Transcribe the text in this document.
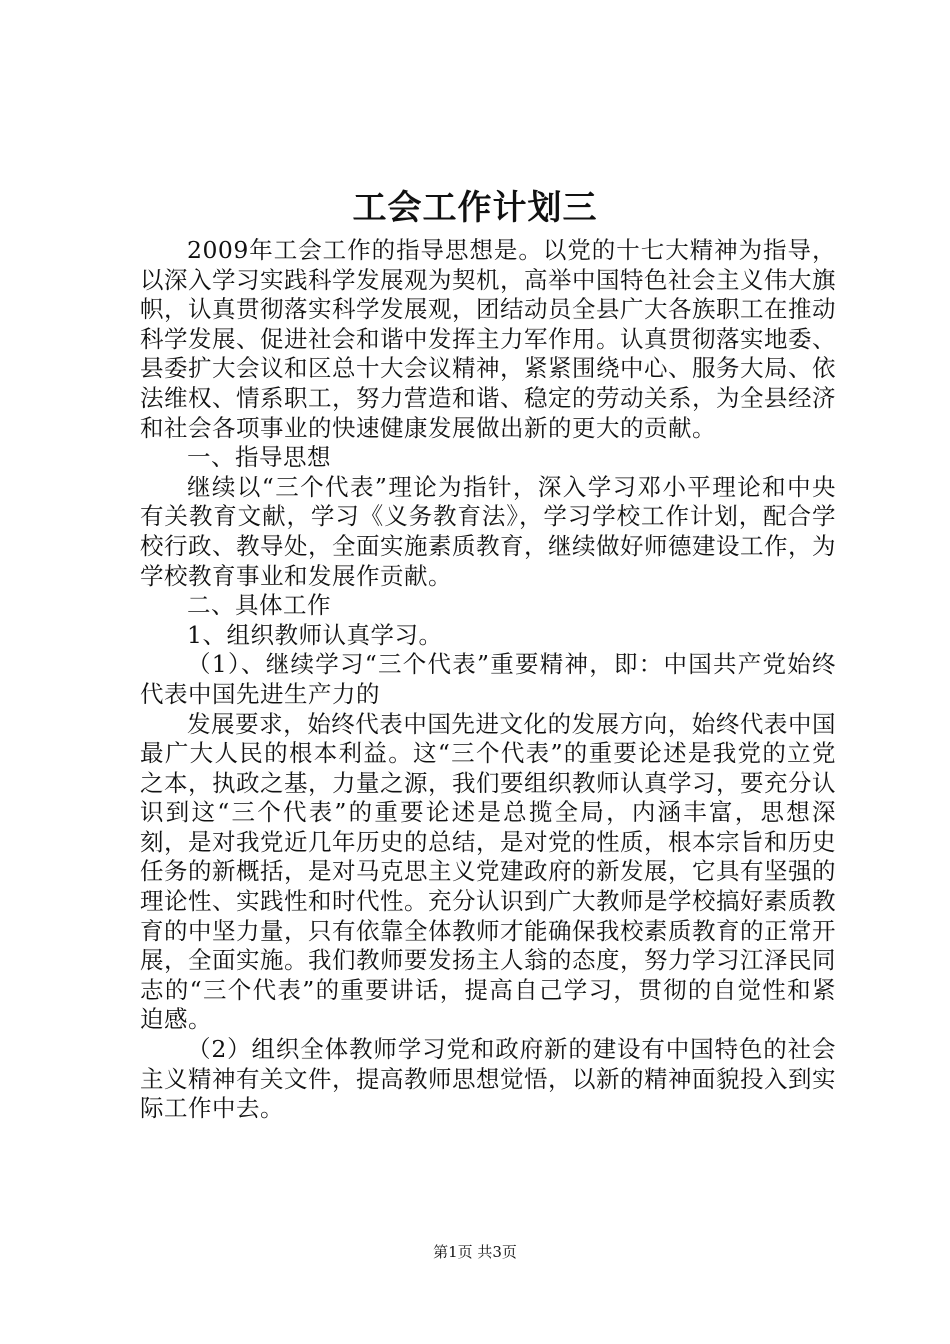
工会工作计划三

2009年工会工作的指导思想是。以党的十七大精神为指导，以深入学习实践科学发展观为契机，高举中国特色社会主义伟大旗帜，认真贯彻落实科学发展观，团结动员全县广大各族职工在推动科学发展、促进社会和谐中发挥主力军作用。认真贯彻落实地委、县委扩大会议和区总十大会议精神，紧紧围绕中心、服务大局、依法维权、情系职工，努力营造和谐、稳定的劳动关系，为全县经济和社会各项事业的快速健康发展做出新的更大的贡献。

一、指导思想

继续以“三个代表”理论为指针，深入学习邓小平理论和中央有关教育文献，学习《义务教育法》，学习学校工作计划，配合学校行政、教导处，全面实施素质教育，继续做好师德建设工作，为学校教育事业和发展作贡献。

二、具体工作

1、组织教师认真学习。

（1）、继续学习“三个代表”重要精神，即：中国共产党始终代表中国先进生产力的

发展要求，始终代表中国先进文化的发展方向，始终代表中国最广大人民的根本利益。这“三个代表”的重要论述是我党的立党之本，执政之基，力量之源，我们要组织教师认真学习，要充分认识到这“三个代表”的重要论述是总揽全局，内涵丰富，思想深刻，是对我党近几年历史的总结，是对党的性质，根本宗旨和历史任务的新概括，是对马克思主义党建政府的新发展，它具有坚强的理论性、实践性和时代性。充分认识到广大教师是学校搞好素质教育的中坚力量，只有依靠全体教师才能确保我校素质教育的正常开展，全面实施。我们教师要发扬主人翁的态度，努力学习江泽民同志的“三个代表”的重要讲话，提高自己学习，贯彻的自觉性和紧迫感。

（2）组织全体教师学习党和政府新的建设有中国特色的社会主义精神有关文件，提高教师思想觉悟，以新的精神面貌投入到实际工作中去。

第1页 共3页
